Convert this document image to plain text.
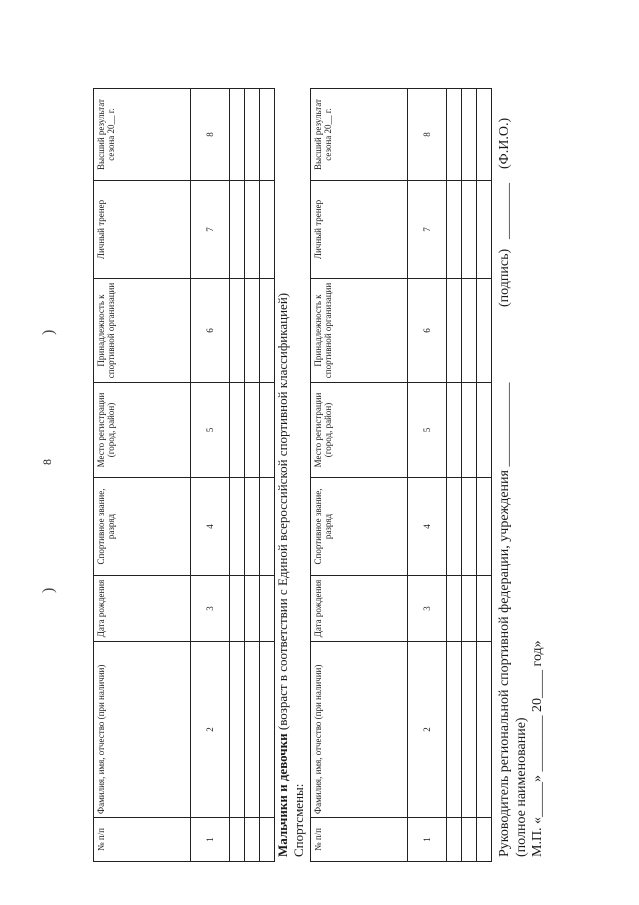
8
)
)
№ п/п	Фамилия, имя, отчество (при наличии)	Дата рождения	Спортивное звание, разряд	Место регистрации (город, район)	Принадлежность к спортивной организации	Личный тренер	Высший результат сезона 20__ г.
1	2	3	4	5	6	7	8

Мальчики и девочки (возраст в соответствии с Единой всероссийской спортивной классификацией)
Спортсмены: № п/п	Фамилия, имя, отчество (при наличии)	Дата рождения	Спортивное звание, разряд	Место регистрации (город, район)	Принадлежность к спортивной организации	Личный тренер	Высший результат сезона 20__ г.
1	2	3	4	5	6	7	8

Руководитель региональной спортивной федерации, учреждения ____________
(подпись)
________
(Ф.И.О.)
(полное наименование) М.П. «_____» ________ 20____ год»
